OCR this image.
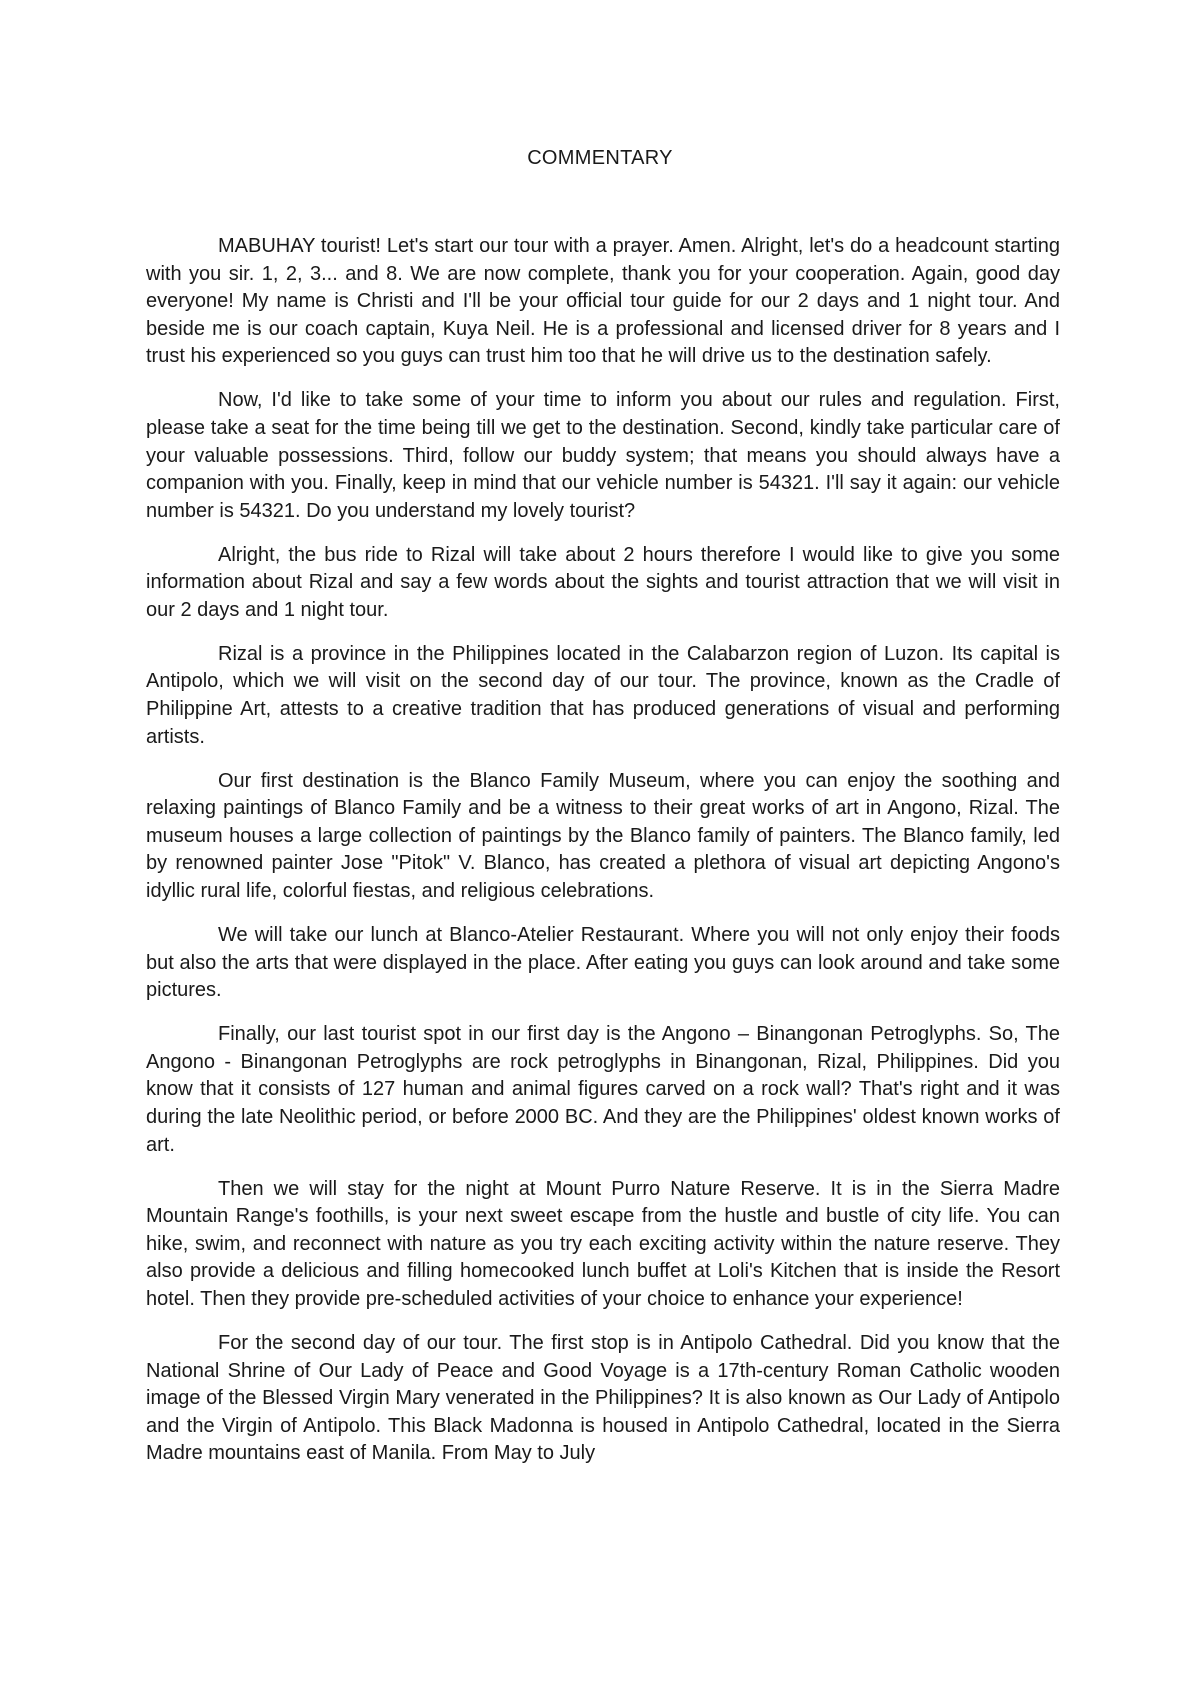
COMMENTARY

MABUHAY tourist! Let's start our tour with a prayer. Amen. Alright, let's do a headcount starting with you sir. 1, 2, 3... and 8. We are now complete, thank you for your cooperation. Again, good day everyone! My name is Christi and I'll be your official tour guide for our 2 days and 1 night tour. And beside me is our coach captain, Kuya Neil. He is a professional and licensed driver for 8 years and I trust his experienced so you guys can trust him too that he will drive us to the destination safely.

Now, I'd like to take some of your time to inform you about our rules and regulation. First, please take a seat for the time being till we get to the destination. Second, kindly take particular care of your valuable possessions. Third, follow our buddy system; that means you should always have a companion with you. Finally, keep in mind that our vehicle number is 54321. I'll say it again: our vehicle number is 54321. Do you understand my lovely tourist?

Alright, the bus ride to Rizal will take about 2 hours therefore I would like to give you some information about Rizal and say a few words about the sights and tourist attraction that we will visit in our 2 days and 1 night tour.

Rizal is a province in the Philippines located in the Calabarzon region of Luzon. Its capital is Antipolo, which we will visit on the second day of our tour. The province, known as the Cradle of Philippine Art, attests to a creative tradition that has produced generations of visual and performing artists.

Our first destination is the Blanco Family Museum, where you can enjoy the soothing and relaxing paintings of Blanco Family and be a witness to their great works of art in Angono, Rizal. The museum houses a large collection of paintings by the Blanco family of painters. The Blanco family, led by renowned painter Jose "Pitok" V. Blanco, has created a plethora of visual art depicting Angono's idyllic rural life, colorful fiestas, and religious celebrations.

We will take our lunch at Blanco-Atelier Restaurant. Where you will not only enjoy their foods but also the arts that were displayed in the place. After eating you guys can look around and take some pictures.

Finally, our last tourist spot in our first day is the Angono – Binangonan Petroglyphs. So, The Angono - Binangonan Petroglyphs are rock petroglyphs in Binangonan, Rizal, Philippines. Did you know that it consists of 127 human and animal figures carved on a rock wall? That's right and it was during the late Neolithic period, or before 2000 BC. And they are the Philippines' oldest known works of art.

Then we will stay for the night at Mount Purro Nature Reserve. It is in the Sierra Madre Mountain Range's foothills, is your next sweet escape from the hustle and bustle of city life. You can hike, swim, and reconnect with nature as you try each exciting activity within the nature reserve. They also provide a delicious and filling homecooked lunch buffet at Loli's Kitchen that is inside the Resort hotel. Then they provide pre-scheduled activities of your choice to enhance your experience!

For the second day of our tour. The first stop is in Antipolo Cathedral. Did you know that the National Shrine of Our Lady of Peace and Good Voyage is a 17th-century Roman Catholic wooden image of the Blessed Virgin Mary venerated in the Philippines? It is also known as Our Lady of Antipolo and the Virgin of Antipolo. This Black Madonna is housed in Antipolo Cathedral, located in the Sierra Madre mountains east of Manila. From May to July
